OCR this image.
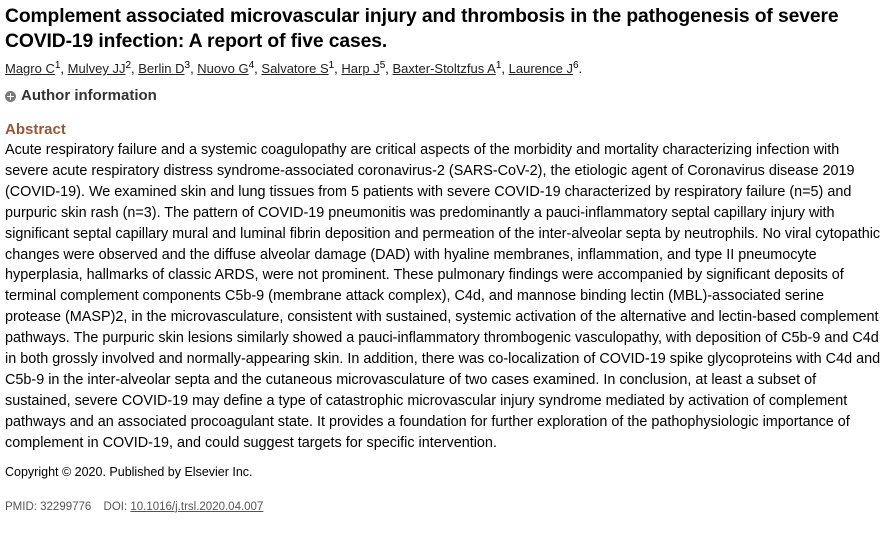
Complement associated microvascular injury and thrombosis in the pathogenesis of severe COVID-19 infection: A report of five cases.
Magro $C^1$, Mulvey $JJ^2$, Berlin $D^3$, Nuovo $G^4$, Salvatore $S^1$, Harp $J^5$, Baxter-Stoltzfus $A^1$, Laurence $J^6$.
Author information
Abstract

Acute respiratory failure and a systemic coagulopathy are critical aspects of the morbidity and mortality characterizing infection with severe acute respiratory distress syndrome-associated coronavirus-2 (SARS-CoV-2), the etiologic agent of Coronavirus disease 2019 (COVID-19). We examined skin and lung tissues from 5 patients with severe COVID-19 characterized by respiratory failure (n=5) and purpuric skin rash (n=3). The pattern of COVID-19 pneumonitis was predominantly a pauci-inflammatory septal capillary injury with significant septal capillary mural and luminal fibrin deposition and permeation of the inter-alveolar septa by neutrophils. No viral cytopathic changes were observed and the diffuse alveolar damage (DAD) with hyaline membranes, inflammation, and type II pneumocyte hyperplasia, hallmarks of classic ARDS, were not prominent. These pulmonary findings were accompanied by significant deposits of terminal complement components C5b-9 (membrane attack complex), C4d, and mannose binding lectin (MBL)-associated serine protease (MASP)2, in the microvasculature, consistent with sustained, systemic activation of the alternative and lectin-based complement pathways. The purpuric skin lesions similarly showed a pauci-inflammatory thrombogenic vasculopathy, with deposition of C5b-9 and C4d in both grossly involved and normally-appearing skin. In addition, there was co-localization of COVID-19 spike glycoproteins with C4d and C5b-9 in the inter-alveolar septa and the cutaneous microvasculature of two cases examined. In conclusion, at least a subset of sustained, severe COVID-19 may define a type of catastrophic microvascular injury syndrome mediated by activation of complement pathways and an associated procoagulant state. It provides a foundation for further exploration of the pathophysiologic importance of complement in COVID-19, and could suggest targets for specific intervention.

Copyright © 2020. Published by Elsevier Inc.
PMID: 32299776 DOI: 10.1016/j.trsl.2020.04.007
